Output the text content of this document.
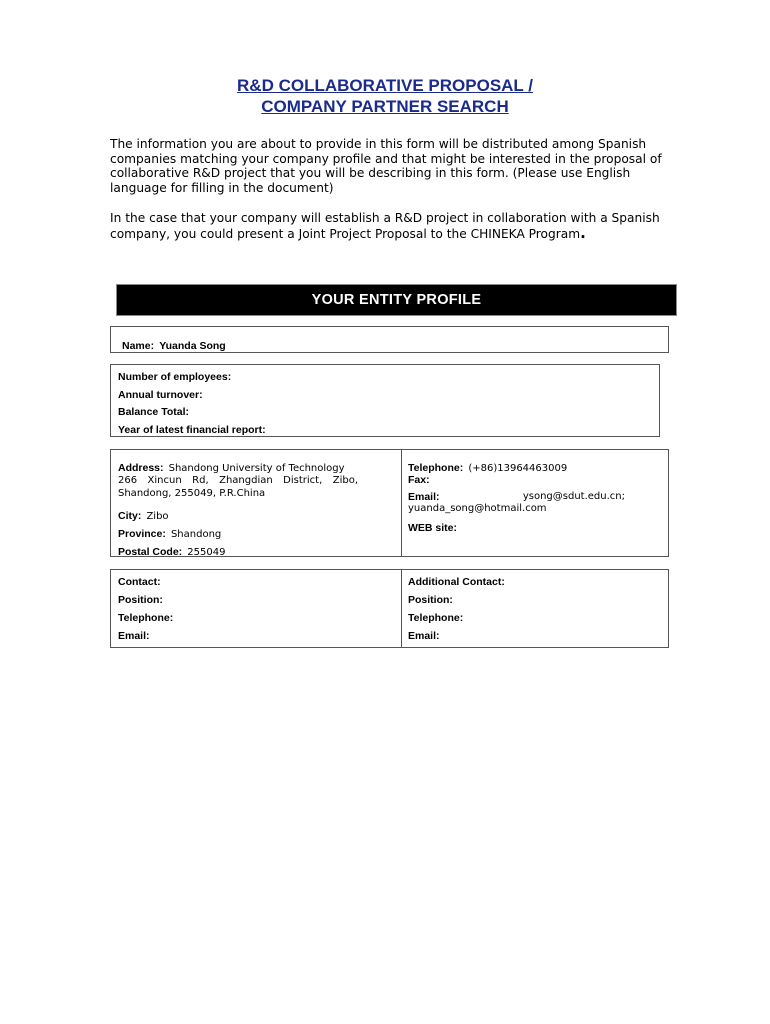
R&D COLLABORATIVE PROPOSAL /
COMPANY PARTNER SEARCH

The information you are about to provide in this form will be distributed among Spanish companies matching your company profile and that might be interested in the proposal of collaborative R&D project that you will be describing in this form. (Please use English language for filling in the document)

In the case that your company will establish a R&D project in collaboration with a Spanish company, you could present a Joint Project Proposal to the CHINEKA Program.

YOUR ENTITY PROFILE
Name: Yuanda Song
Number of employees:
Annual turnover:
Balance Total:
Year of latest financial report:
Address: Shandong University of Technology
266 Xincun Rd, Zhangdian District, Zibo, Shandong, 255049, P.R.China
City: Zibo
Province: Shandong
Postal Code: 255049
Telephone: (+86)13964463009
Fax:
Email:	ysong@sdut.edu.cn;
yuanda_song@hotmail.com
WEB site:
Contact:
Position:
Telephone:
Email:
Additional Contact:
Position:
Telephone:
Email:
